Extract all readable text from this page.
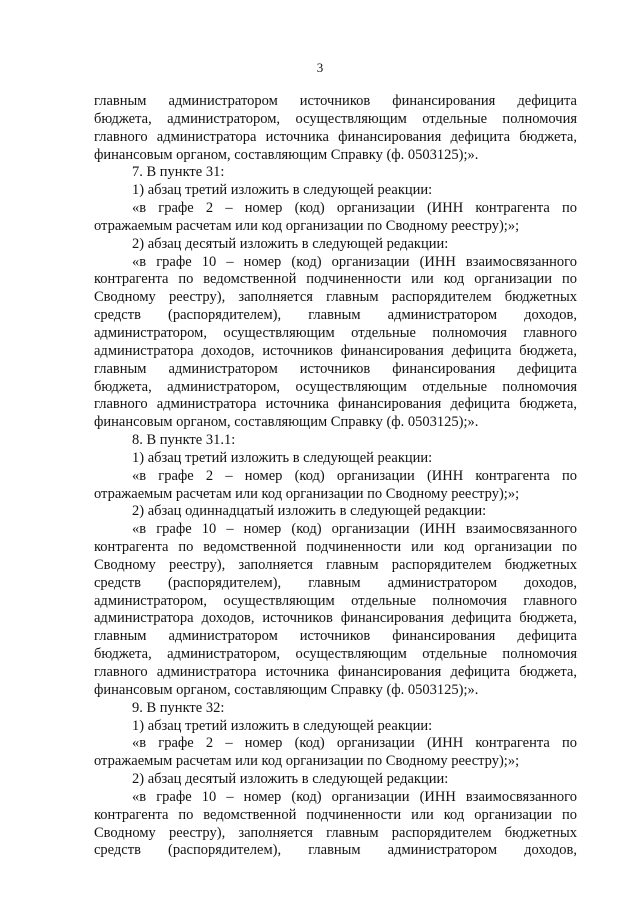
3
главным администратором источников финансирования дефицита
бюджета, администратором, осуществляющим отдельные полномочия
главного администратора источника финансирования дефицита бюджета,
финансовым органом, составляющим Справку (ф. 0503125);».
7. В пункте 31:
1) абзац третий изложить в следующей реакции:
«в графе 2 – номер (код) организации (ИНН контрагента по
отражаемым расчетам или код организации по Сводному реестру);»;
2) абзац десятый изложить в следующей редакции:
«в графе 10 – номер (код) организации (ИНН взаимосвязанного
контрагента по ведомственной подчиненности или код организации по
Сводному реестру), заполняется главным распорядителем бюджетных
средств (распорядителем), главным администратором доходов,
администратором, осуществляющим отдельные полномочия главного
администратора доходов, источников финансирования дефицита бюджета,
главным администратором источников финансирования дефицита
бюджета, администратором, осуществляющим отдельные полномочия
главного администратора источника финансирования дефицита бюджета,
финансовым органом, составляющим Справку (ф. 0503125);».
8. В пункте 31.1:
1) абзац третий изложить в следующей реакции:
«в графе 2 – номер (код) организации (ИНН контрагента по
отражаемым расчетам или код организации по Сводному реестру);»;
2) абзац одиннадцатый изложить в следующей редакции:
«в графе 10 – номер (код) организации (ИНН взаимосвязанного
контрагента по ведомственной подчиненности или код организации по
Сводному реестру), заполняется главным распорядителем бюджетных
средств (распорядителем), главным администратором доходов,
администратором, осуществляющим отдельные полномочия главного
администратора доходов, источников финансирования дефицита бюджета,
главным администратором источников финансирования дефицита
бюджета, администратором, осуществляющим отдельные полномочия
главного администратора источника финансирования дефицита бюджета,
финансовым органом, составляющим Справку (ф. 0503125);».
9. В пункте 32:
1) абзац третий изложить в следующей реакции:
«в графе 2 – номер (код) организации (ИНН контрагента по
отражаемым расчетам или код организации по Сводному реестру);»;
2) абзац десятый изложить в следующей редакции:
«в графе 10 – номер (код) организации (ИНН взаимосвязанного
контрагента по ведомственной подчиненности или код организации по
Сводному реестру), заполняется главным распорядителем бюджетных
средств (распорядителем), главным администратором доходов,
